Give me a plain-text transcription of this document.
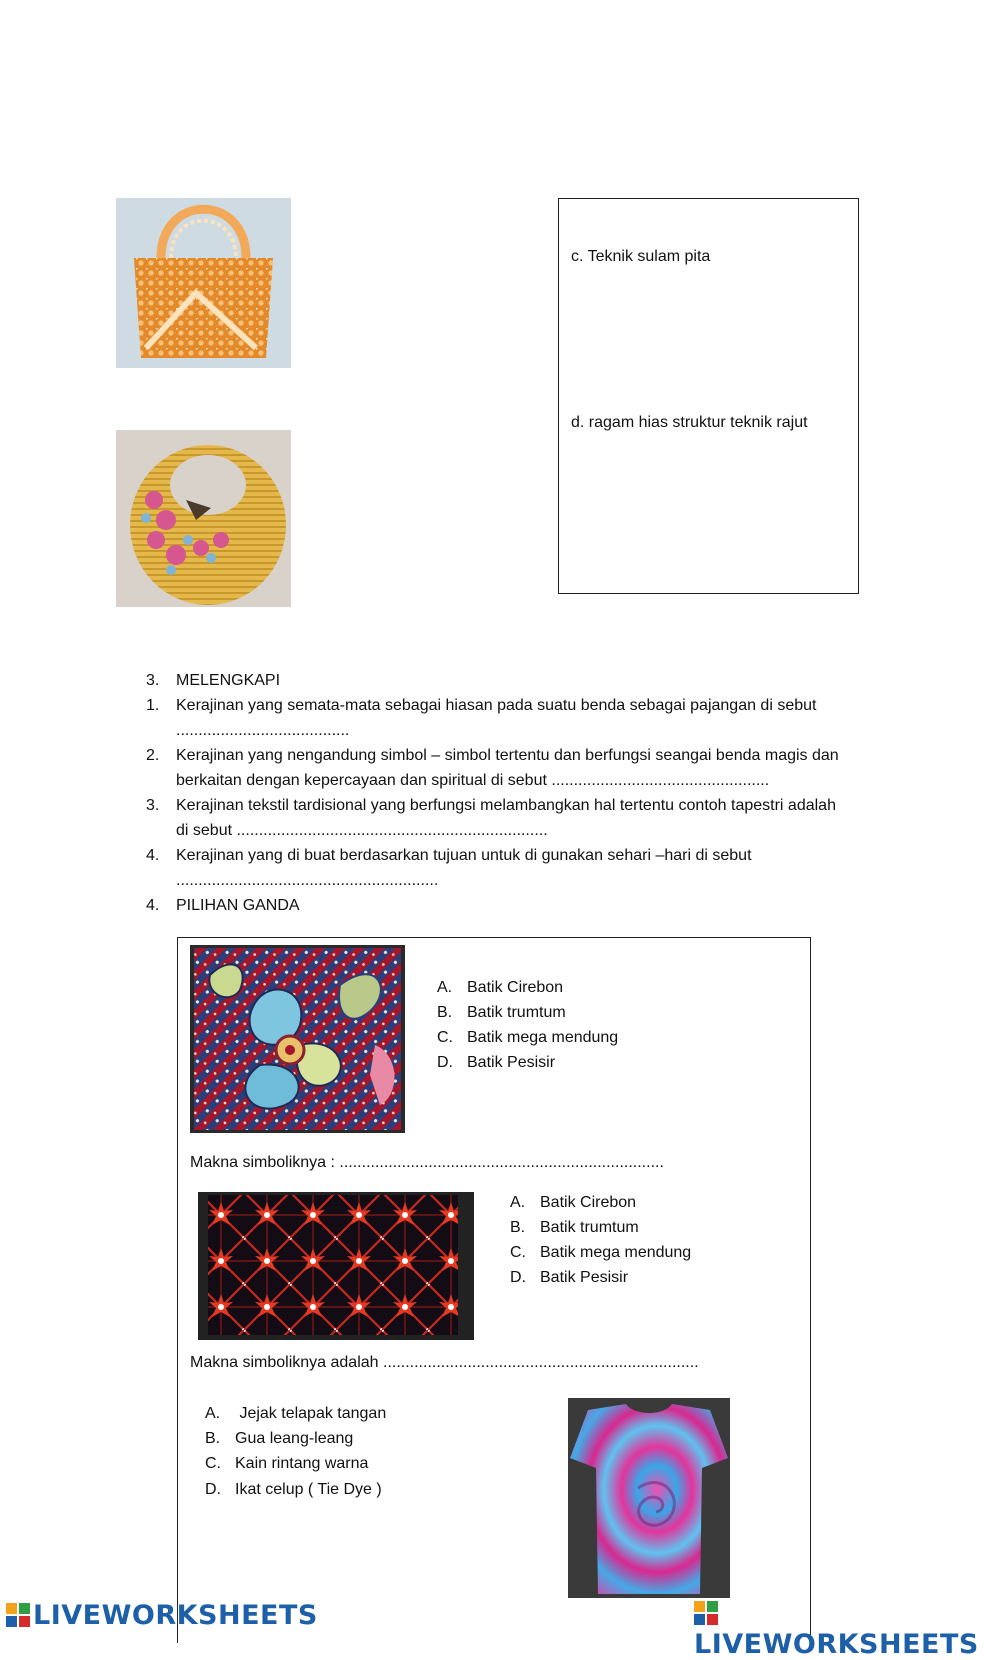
c. Teknik sulam pita
d. ragam hias struktur teknik rajut
3. MELENGKAPI
1. Kerajinan yang semata-mata sebagai hiasan pada suatu benda sebagai pajangan di sebut
.......................................
2. Kerajinan yang nengandung simbol – simbol tertentu dan berfungsi seangai benda magis dan
berkaitan dengan kepercayaan dan spiritual di sebut .................................................
3. Kerajinan tekstil tardisional yang berfungsi melambangkan hal tertentu contoh tapestri adalah
di sebut ......................................................................
4. Kerajinan yang di buat berdasarkan tujuan untuk di gunakan sehari –hari di sebut
...........................................................
4. PILIHAN GANDA
A. Batik Cirebon
B. Batik trumtum
C. Batik mega mendung
D. Batik Pesisir
Makna simboliknya : .........................................................................
A. Batik Cirebon
B. Batik trumtum
C. Batik mega mendung
D. Batik Pesisir
Makna simboliknya adalah .......................................................................
A. Jejak telapak tangan
B. Gua leang-leang
C. Kain rintang warna
D. Ikat celup ( Tie Dye )
LIVEWORKSHEETS
LIVEWORKSHEETS
